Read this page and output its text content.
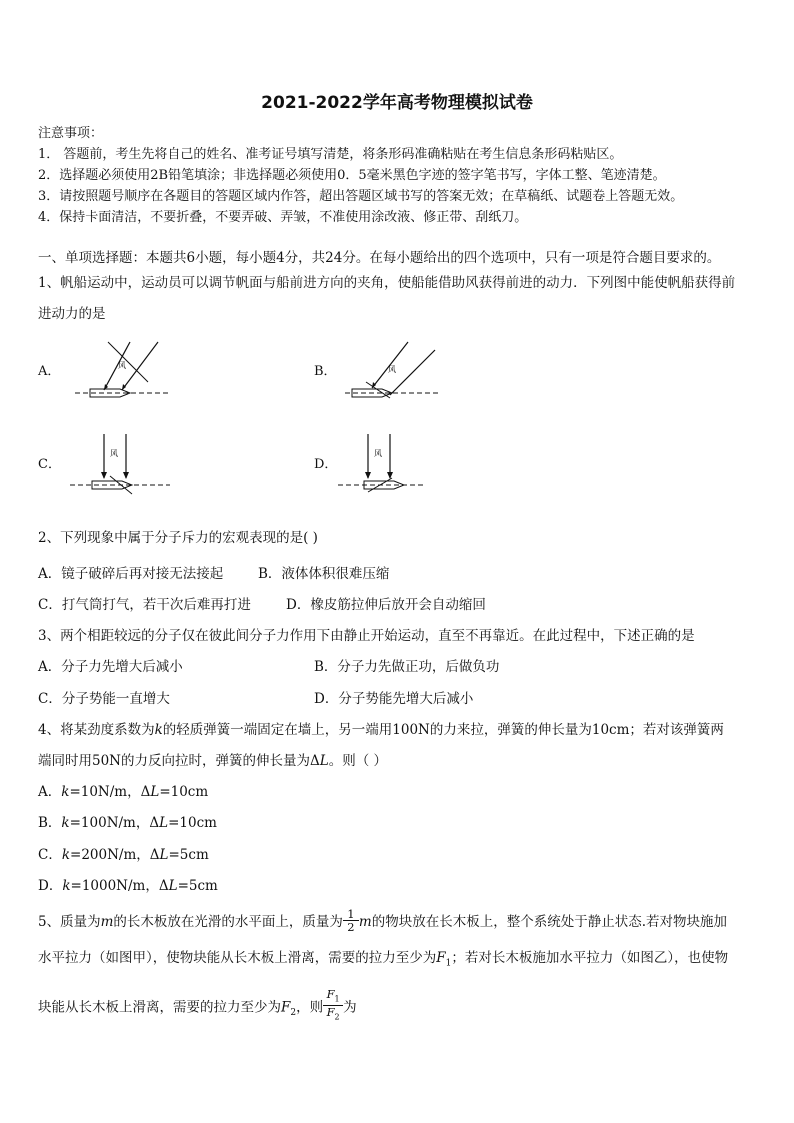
2021-2022学年高考物理模拟试卷
注意事项：
1． 答题前，考生先将自己的姓名、准考证号填写清楚，将条形码准确粘贴在考生信息条形码粘贴区。
2．选择题必须使用2B铅笔填涂；非选择题必须使用0．5毫米黑色字迹的签字笔书写，字体工整、笔迹清楚。
3．请按照题号顺序在各题目的答题区域内作答，超出答题区域书写的答案无效；在草稿纸、试题卷上答题无效。
4．保持卡面清洁，不要折叠，不要弄破、弄皱，不准使用涂改液、修正带、刮纸刀。
一、单项选择题：本题共6小题，每小题4分，共24分。在每小题给出的四个选项中，只有一项是符合题目要求的。
1、帆船运动中，运动员可以调节帆面与船前进方向的夹角，使船能借助风获得前进的动力．下列图中能使帆船获得前
进动力的是
A．	风	B．	风
C．
风
D．
风
2、下列现象中属于分子斥力的宏观表现的是( )
A．镜子破碎后再对接无法接起	B．液体体积很难压缩
C．打气筒打气，若干次后难再打进	D．橡皮筋拉伸后放开会自动缩回
3、两个相距较远的分子仅在彼此间分子力作用下由静止开始运动，直至不再靠近。在此过程中，下述正确的是
A．分子力先增大后减小	B．分子力先做正功，后做负功
C．分子势能一直增大	D．分子势能先增大后减小
4、将某劲度系数为k的轻质弹簧一端固定在墙上，另一端用100N的力来拉，弹簧的伸长量为10cm；若对该弹簧两
端同时用50N的力反向拉时，弹簧的伸长量为ΔL。则（ ）
A．k=10N/m，ΔL=10cm
B．k=100N/m，ΔL=10cm
C．k=200N/m，ΔL=5cm
D．k=1000N/m，ΔL=5cm
5、质量为m的长木板放在光滑的水平面上，质量为 $\frac{1}{2}$ m的物块放在长木板上，整个系统处于静止状态.若对物块施加
水平拉力（如图甲），使物块能从长木板上滑离，需要的拉力至少为$F_1$；若对长木板施加水平拉力（如图乙），也使物
块能从长木板上滑离，需要的拉力至少为$F_2$，则 $\frac{F_1}{F_2}$ 为
